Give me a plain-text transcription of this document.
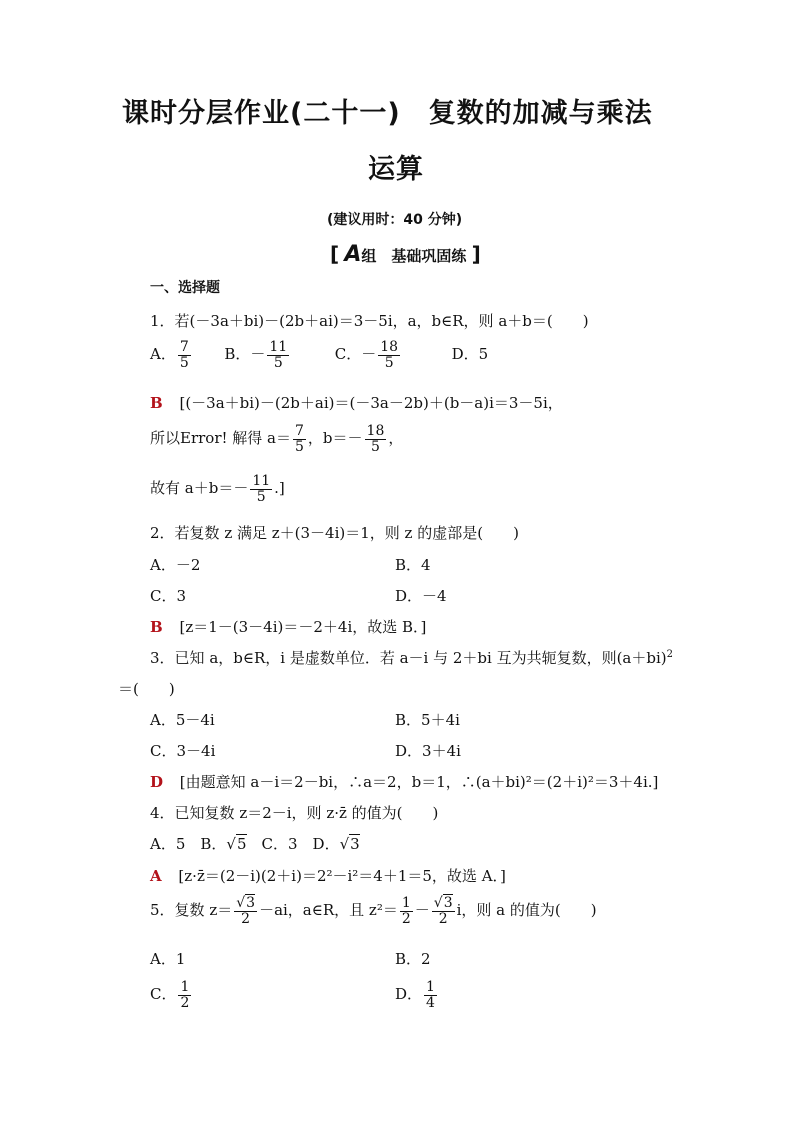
课时分层作业(二十一)　复数的加减与乘法
运算
(建议用时：40 分钟)
[ A组　基础巩固练 ]
一、选择题
1．若(－3a＋bi)－(2b＋ai)＝3－5i，a，b∈R，则 a＋b＝(　　)
A． $\frac{7}{5}$ B．－ $\frac{11}{5}$	C．－ $\frac{18}{5}$	D．5
B [(－3a＋bi)－(2b＋ai)＝(－3a－2b)＋(b－a)i＝3－5i，
所以Error! 解得 $a= \frac{7}{5}$ ，$b=- \frac{18}{5}$ ，
故有 $a+b=- \frac{11}{5}$ .]
2．若复数 z 满足 z＋(3－4i)＝1，则 z 的虚部是(　　)
A．－2	B．4
C．3	D．－4
B [z＝1－(3－4i)＝－2＋4i，故选 B．]
3．已知 a，b∈R，i 是虚数单位．若 a－i 与 2＋bi 互为共轭复数，则$(a+bi)^2$
＝(　　)
A．5－4i	B．5＋4i
C．3－4i	D．3＋4i
D [由题意知 a－i＝2－bi，∴a＝2，b＝1，∴(a＋bi)²＝(2＋i)²＝3＋4i.]
4．已知复数 z＝2－i，则 z·z̄ 的值为(　　)
A．5　B．√5　C．3　D．√3
A [z·z̄＝(2－i)(2＋i)＝2²－i²＝4＋1＝5，故选 A．]
5．复数 $z= \frac{√3}{2} -ai$，a∈R，且 $z^2= \frac{1}{2} - \frac{√3}{2}$ i，则 a 的值为(　　)
A．1	B．2
C． $\frac{1}{2}$	D． $\frac{1}{4}$
